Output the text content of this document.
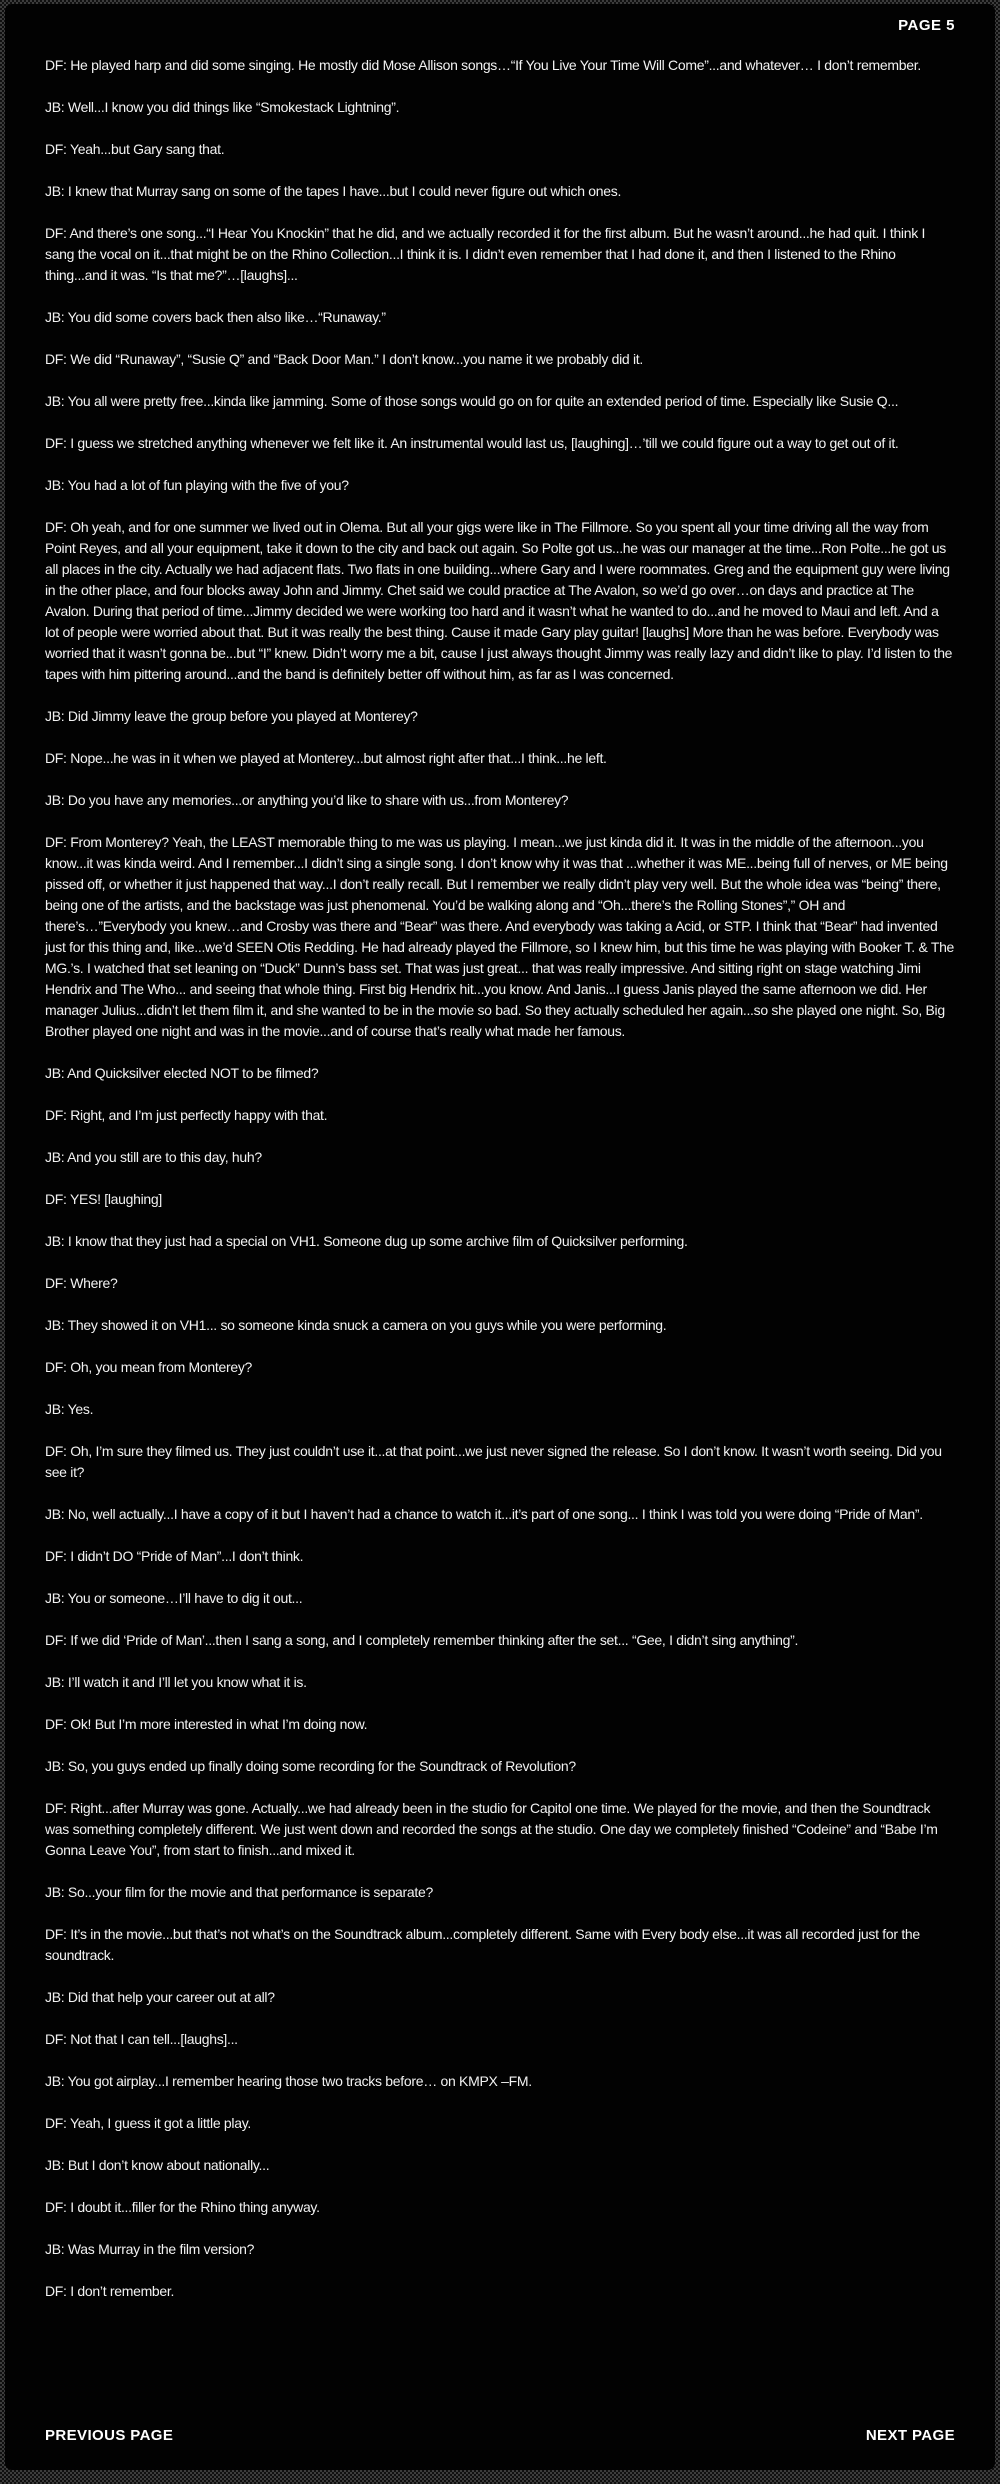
PAGE 5

DF: He played harp and did some singing. He mostly did Mose Allison songs…“If You Live Your Time Will Come”...and whatever… I don’t remember.

JB: Well...I know you did things like “Smokestack Lightning”.

DF: Yeah...but Gary sang that.

JB: I knew that Murray sang on some of the tapes I have...but I could never figure out which ones.

DF: And there’s one song...“I Hear You Knockin” that he did, and we actually recorded it for the first album. But he wasn’t around...he had quit. I think I sang the vocal on it...that might be on the Rhino Collection...I think it is. I didn’t even remember that I had done it, and then I listened to the Rhino thing...and it was. “Is that me?”…[laughs]...

JB: You did some covers back then also like…“Runaway.”

DF: We did “Runaway”, “Susie Q” and “Back Door Man.” I don’t know...you name it we probably did it.

JB: You all were pretty free...kinda like jamming. Some of those songs would go on for quite an extended period of time. Especially like Susie Q...

DF: I guess we stretched anything whenever we felt like it. An instrumental would last us, [laughing]…’till we could figure out a way to get out of it.

JB: You had a lot of fun playing with the five of you?

DF: Oh yeah, and for one summer we lived out in Olema. But all your gigs were like in The Fillmore. So you spent all your time driving all the way from Point Reyes, and all your equipment, take it down to the city and back out again. So Polte got us...he was our manager at the time...Ron Polte...he got us all places in the city. Actually we had adjacent flats. Two flats in one building...where Gary and I were roommates. Greg and the equipment guy were living in the other place, and four blocks away John and Jimmy. Chet said we could practice at The Avalon, so we’d go over…on days and practice at The Avalon. During that period of time...Jimmy decided we were working too hard and it wasn’t what he wanted to do...and he moved to Maui and left. And a lot of people were worried about that. But it was really the best thing. Cause it made Gary play guitar! [laughs] More than he was before. Everybody was worried that it wasn’t gonna be...but “I” knew. Didn’t worry me a bit, cause I just always thought Jimmy was really lazy and didn’t like to play. I’d listen to the tapes with him pittering around...and the band is definitely better off without him, as far as I was concerned.

JB: Did Jimmy leave the group before you played at Monterey?

DF: Nope...he was in it when we played at Monterey...but almost right after that...I think...he left.

JB: Do you have any memories...or anything you’d like to share with us...from Monterey?

DF: From Monterey? Yeah, the LEAST memorable thing to me was us playing. I mean...we just kinda did it. It was in the middle of the afternoon...you know...it was kinda weird. And I remember...I didn’t sing a single song. I don’t know why it was that ...whether it was ME...being full of nerves, or ME being pissed off, or whether it just happened that way...I don’t really recall. But I remember we really didn’t play very well. But the whole idea was “being” there, being one of the artists, and the backstage was just phenomenal. You’d be walking along and “Oh...there’s the Rolling Stones”,” OH and there’s…”Everybody you knew…and Crosby was there and “Bear” was there. And everybody was taking a Acid, or STP. I think that “Bear” had invented just for this thing and, like...we’d SEEN Otis Redding. He had already played the Fillmore, so I knew him, but this time he was playing with Booker T. & The MG.’s. I watched that set leaning on “Duck” Dunn’s bass set. That was just great... that was really impressive. And sitting right on stage watching Jimi Hendrix and The Who... and seeing that whole thing. First big Hendrix hit...you know. And Janis...I guess Janis played the same afternoon we did. Her manager Julius...didn’t let them film it, and she wanted to be in the movie so bad. So they actually scheduled her again...so she played one night. So, Big Brother played one night and was in the movie...and of course that’s really what made her famous.

JB: And Quicksilver elected NOT to be filmed?

DF: Right, and I’m just perfectly happy with that.

JB: And you still are to this day, huh?

DF: YES! [laughing]

JB: I know that they just had a special on VH1. Someone dug up some archive film of Quicksilver performing.

DF: Where?

JB: They showed it on VH1... so someone kinda snuck a camera on you guys while you were performing.

DF: Oh, you mean from Monterey?

JB: Yes.

DF: Oh, I’m sure they filmed us. They just couldn’t use it...at that point...we just never signed the release. So I don’t know. It wasn’t worth seeing. Did you see it?

JB: No, well actually...I have a copy of it but I haven’t had a chance to watch it...it’s part of one song... I think I was told you were doing “Pride of Man”.

DF: I didn’t DO “Pride of Man”...I don’t think.

JB: You or someone…I’ll have to dig it out...

DF: If we did ‘Pride of Man’...then I sang a song, and I completely remember thinking after the set... “Gee, I didn’t sing anything”.

JB: I’ll watch it and I’ll let you know what it is.

DF: Ok! But I’m more interested in what I’m doing now.

JB: So, you guys ended up finally doing some recording for the Soundtrack of Revolution?

DF: Right...after Murray was gone. Actually...we had already been in the studio for Capitol one time. We played for the movie, and then the Soundtrack was something completely different. We just went down and recorded the songs at the studio. One day we completely finished “Codeine” and “Babe I’m Gonna Leave You”, from start to finish...and mixed it.

JB: So...your film for the movie and that performance is separate?

DF: It’s in the movie...but that’s not what’s on the Soundtrack album...completely different. Same with Every body else...it was all recorded just for the soundtrack.

JB: Did that help your career out at all?

DF: Not that I can tell...[laughs]...

JB: You got airplay...I remember hearing those two tracks before… on KMPX –FM.

DF: Yeah, I guess it got a little play.

JB: But I don’t know about nationally...

DF: I doubt it...filler for the Rhino thing anyway.

JB: Was Murray in the film version?

DF: I don’t remember.

PREVIOUS PAGE	NEXT PAGE
